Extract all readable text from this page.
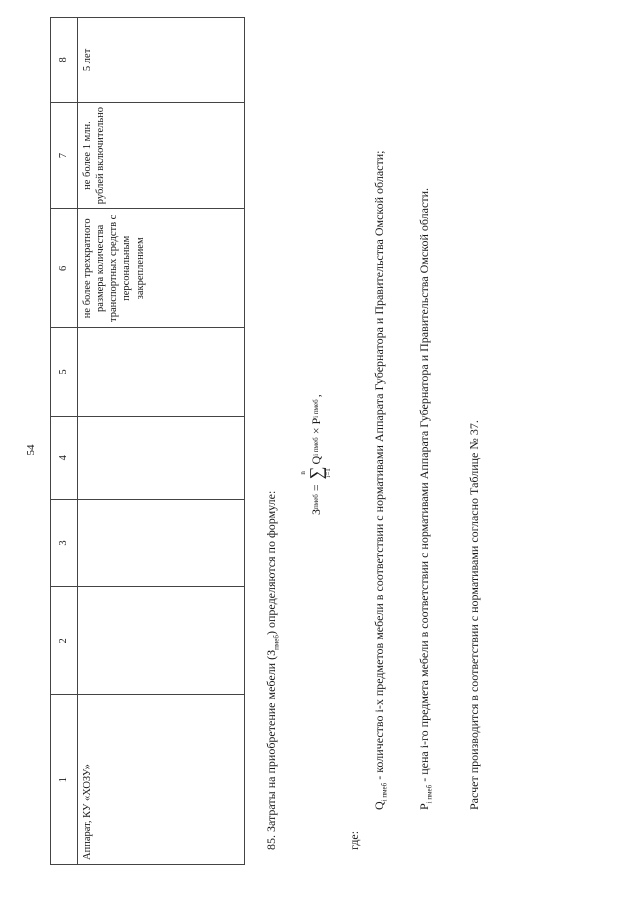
54
1	2	3	4	5	6	7	8
Аппарат, КУ «ХОЗУ»					не более трехкратного размера количества транспортных средств с персональным закреплением	не более 1 млн. рублей включительно	5 лет
85. Затраты на приобретение мебели $(З_{пмеб})$ определяются по формуле:	З
пмеб
=
n ∑
i=1
Q
i пмеб
×
P
i пмеб
,
где:
$Q_{i пмеб}$ - количество i-х предметов мебели в соответствии с нормативами Аппарата Губернатора и Правительства Омской области;
$P_{i пмеб}$ - цена i-го предмета мебели в соответствии с нормативами Аппарата Губернатора и Правительства Омской области.	Расчет производится в соответствии с нормативами согласно Таблице № 37.
